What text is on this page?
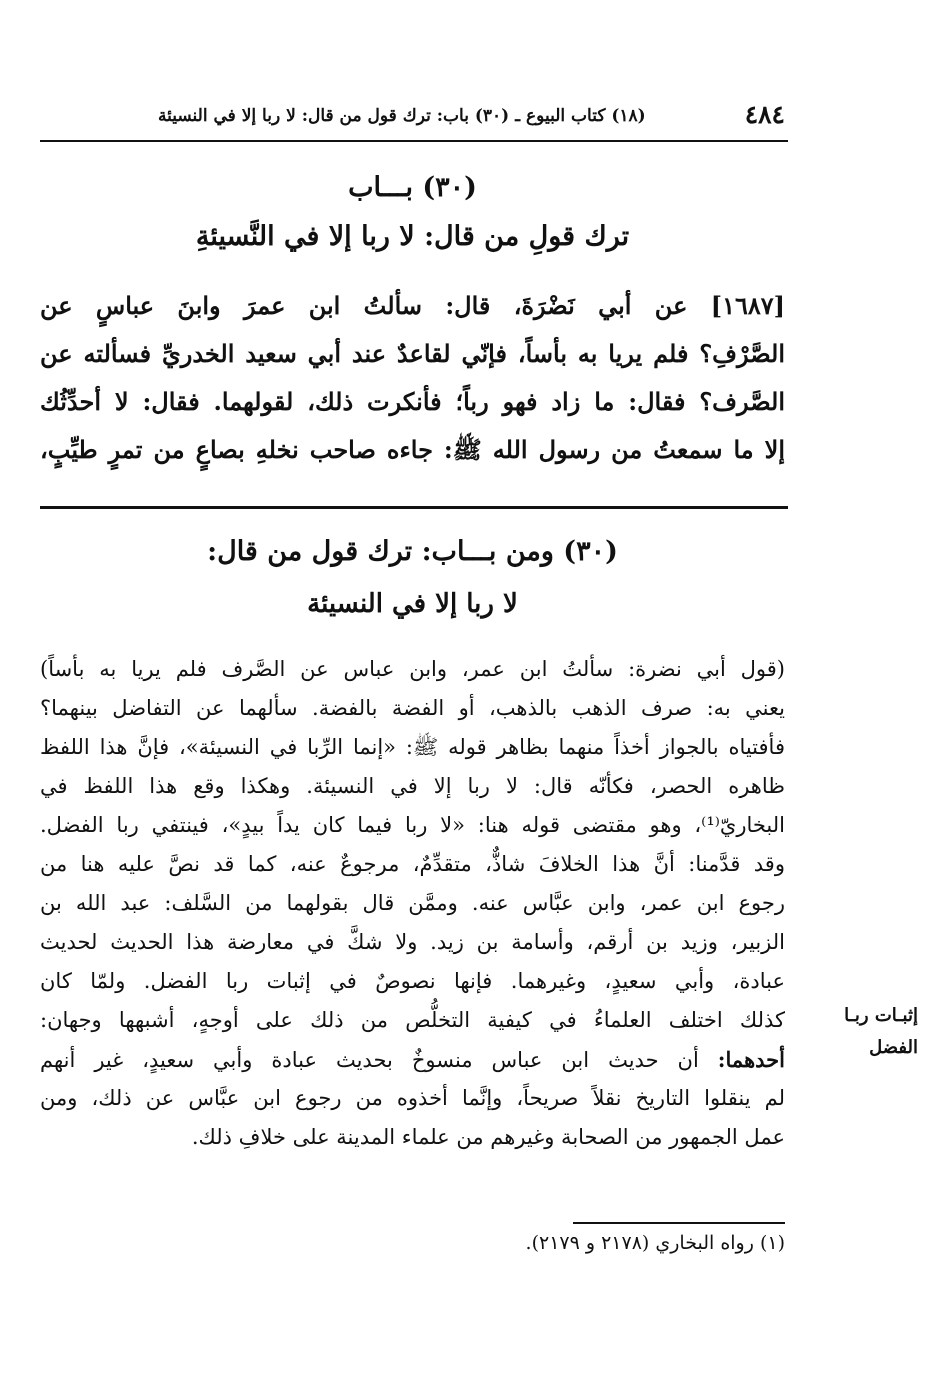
٤٨٤
(١٨) كتاب البيوع ـ (٣٠) باب: ترك قول من قال: لا ربا إلا في النسيئة
(٣٠) بـــاب
ترك قولِ من قال: لا ربا إلا في النَّسيئةِ
[١٦٨٧] عن أبي نَضْرَةَ، قال: سألتُ ابن عمرَ وابنَ عباسٍ عن
الصَّرْفِ؟ فلم يريا به بأساً، فإنّي لقاعدٌ عند أبي سعيد الخدريِّ فسألته عن
الصَّرف؟ فقال: ما زاد فهو رباً؛ فأنكرت ذلك، لقولهما. فقال: لا أحدِّثُك
إلا ما سمعتُ من رسول الله ﷺ: جاءه صاحب نخلهِ بصاعٍ من تمرٍ طيِّبٍ،
(٣٠) ومن بـــاب: ترك قول من قال:
لا ربا إلا في النسيئة
(قول أبي نضرة: سألتُ ابن عمر، وابن عباس عن الصَّرف فلم يريا به بأساً)
يعني به: صرف الذهب بالذهب، أو الفضة بالفضة. سألهما عن التفاضل بينهما؟
فأفتياه بالجواز أخذاً منهما بظاهر قوله ﷺ: «إنما الرِّبا في النسيئة»، فإنَّ هذا اللفظ
ظاهره الحصر، فكأنّه قال: لا ربا إلا في النسيئة. وهكذا وقع هذا اللفظ في
البخاريّ⁽¹⁾، وهو مقتضى قوله هنا: «لا ربا فيما كان يداً بيدٍ»، فينتفي ربا الفضل.
وقد قدَّمنا: أنَّ هذا الخلافَ شاذٌّ، متقدِّمٌ، مرجوعٌ عنه، كما قد نصَّ عليه هنا من
رجوع ابن عمر، وابن عبَّاس عنه. وممَّن قال بقولهما من السَّلف: عبد الله بن
الزبير، وزيد بن أرقم، وأسامة بن زيد. ولا شكَّ في معارضة هذا الحديث لحديث
عبادة، وأبي سعيدٍ، وغيرهما. فإنها نصوصٌ في إثبات ربا الفضل. ولمّا كان
كذلك اختلف العلماءُ في كيفية التخلُّص من ذلك على أوجهٍ، أشبهها وجهان:
أحدهما: أن حديث ابن عباس منسوخٌ بحديث عبادة وأبي سعيدٍ، غير أنهم
لم ينقلوا التاريخ نقلاً صريحاً، وإنَّما أخذوه من رجوع ابن عبَّاس عن ذلك، ومن
عمل الجمهور من الصحابة وغيرهم من علماء المدينة على خلافِ ذلك.
إثبـات ربـا
الفضل
(١) رواه البخاري (٢١٧٨ و ٢١٧٩).
